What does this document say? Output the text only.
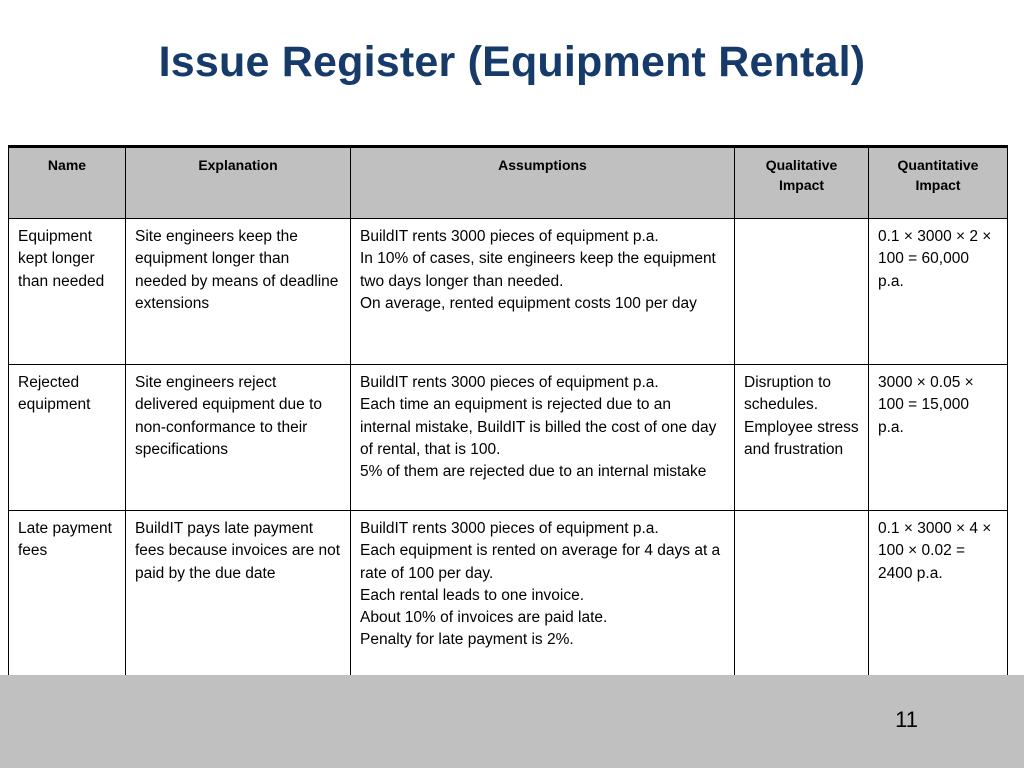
Issue Register (Equipment Rental)
Name	Explanation	Assumptions	Qualitative Impact	Quantitative Impact
Equipment kept longer than needed	Site engineers keep the equipment longer than needed by means of deadline extensions	BuildIT rents 3000 pieces of equipment p.a.
In 10% of cases, site engineers keep the equipment two days longer than needed.
On average, rented equipment costs 100 per day		0.1 × 3000 × 2 × 100 = 60,000 p.a.
Rejected equipment	Site engineers reject delivered equipment due to non-conformance to their specifications	BuildIT rents 3000 pieces of equipment p.a.
Each time an equipment is rejected due to an internal mistake, BuildIT is billed the cost of one day of rental, that is 100.
5% of them are rejected due to an internal mistake	Disruption to schedules. Employee stress and frustration	3000 × 0.05 × 100 = 15,000 p.a.
Late payment fees	BuildIT pays late payment fees because invoices are not paid by the due date	BuildIT rents 3000 pieces of equipment p.a.
Each equipment is rented on average for 4 days at a rate of 100 per day.
Each rental leads to one invoice.
About 10% of invoices are paid late.
Penalty for late payment is 2%.		0.1 × 3000 × 4 × 100 × 0.02 = 2400 p.a.
11
